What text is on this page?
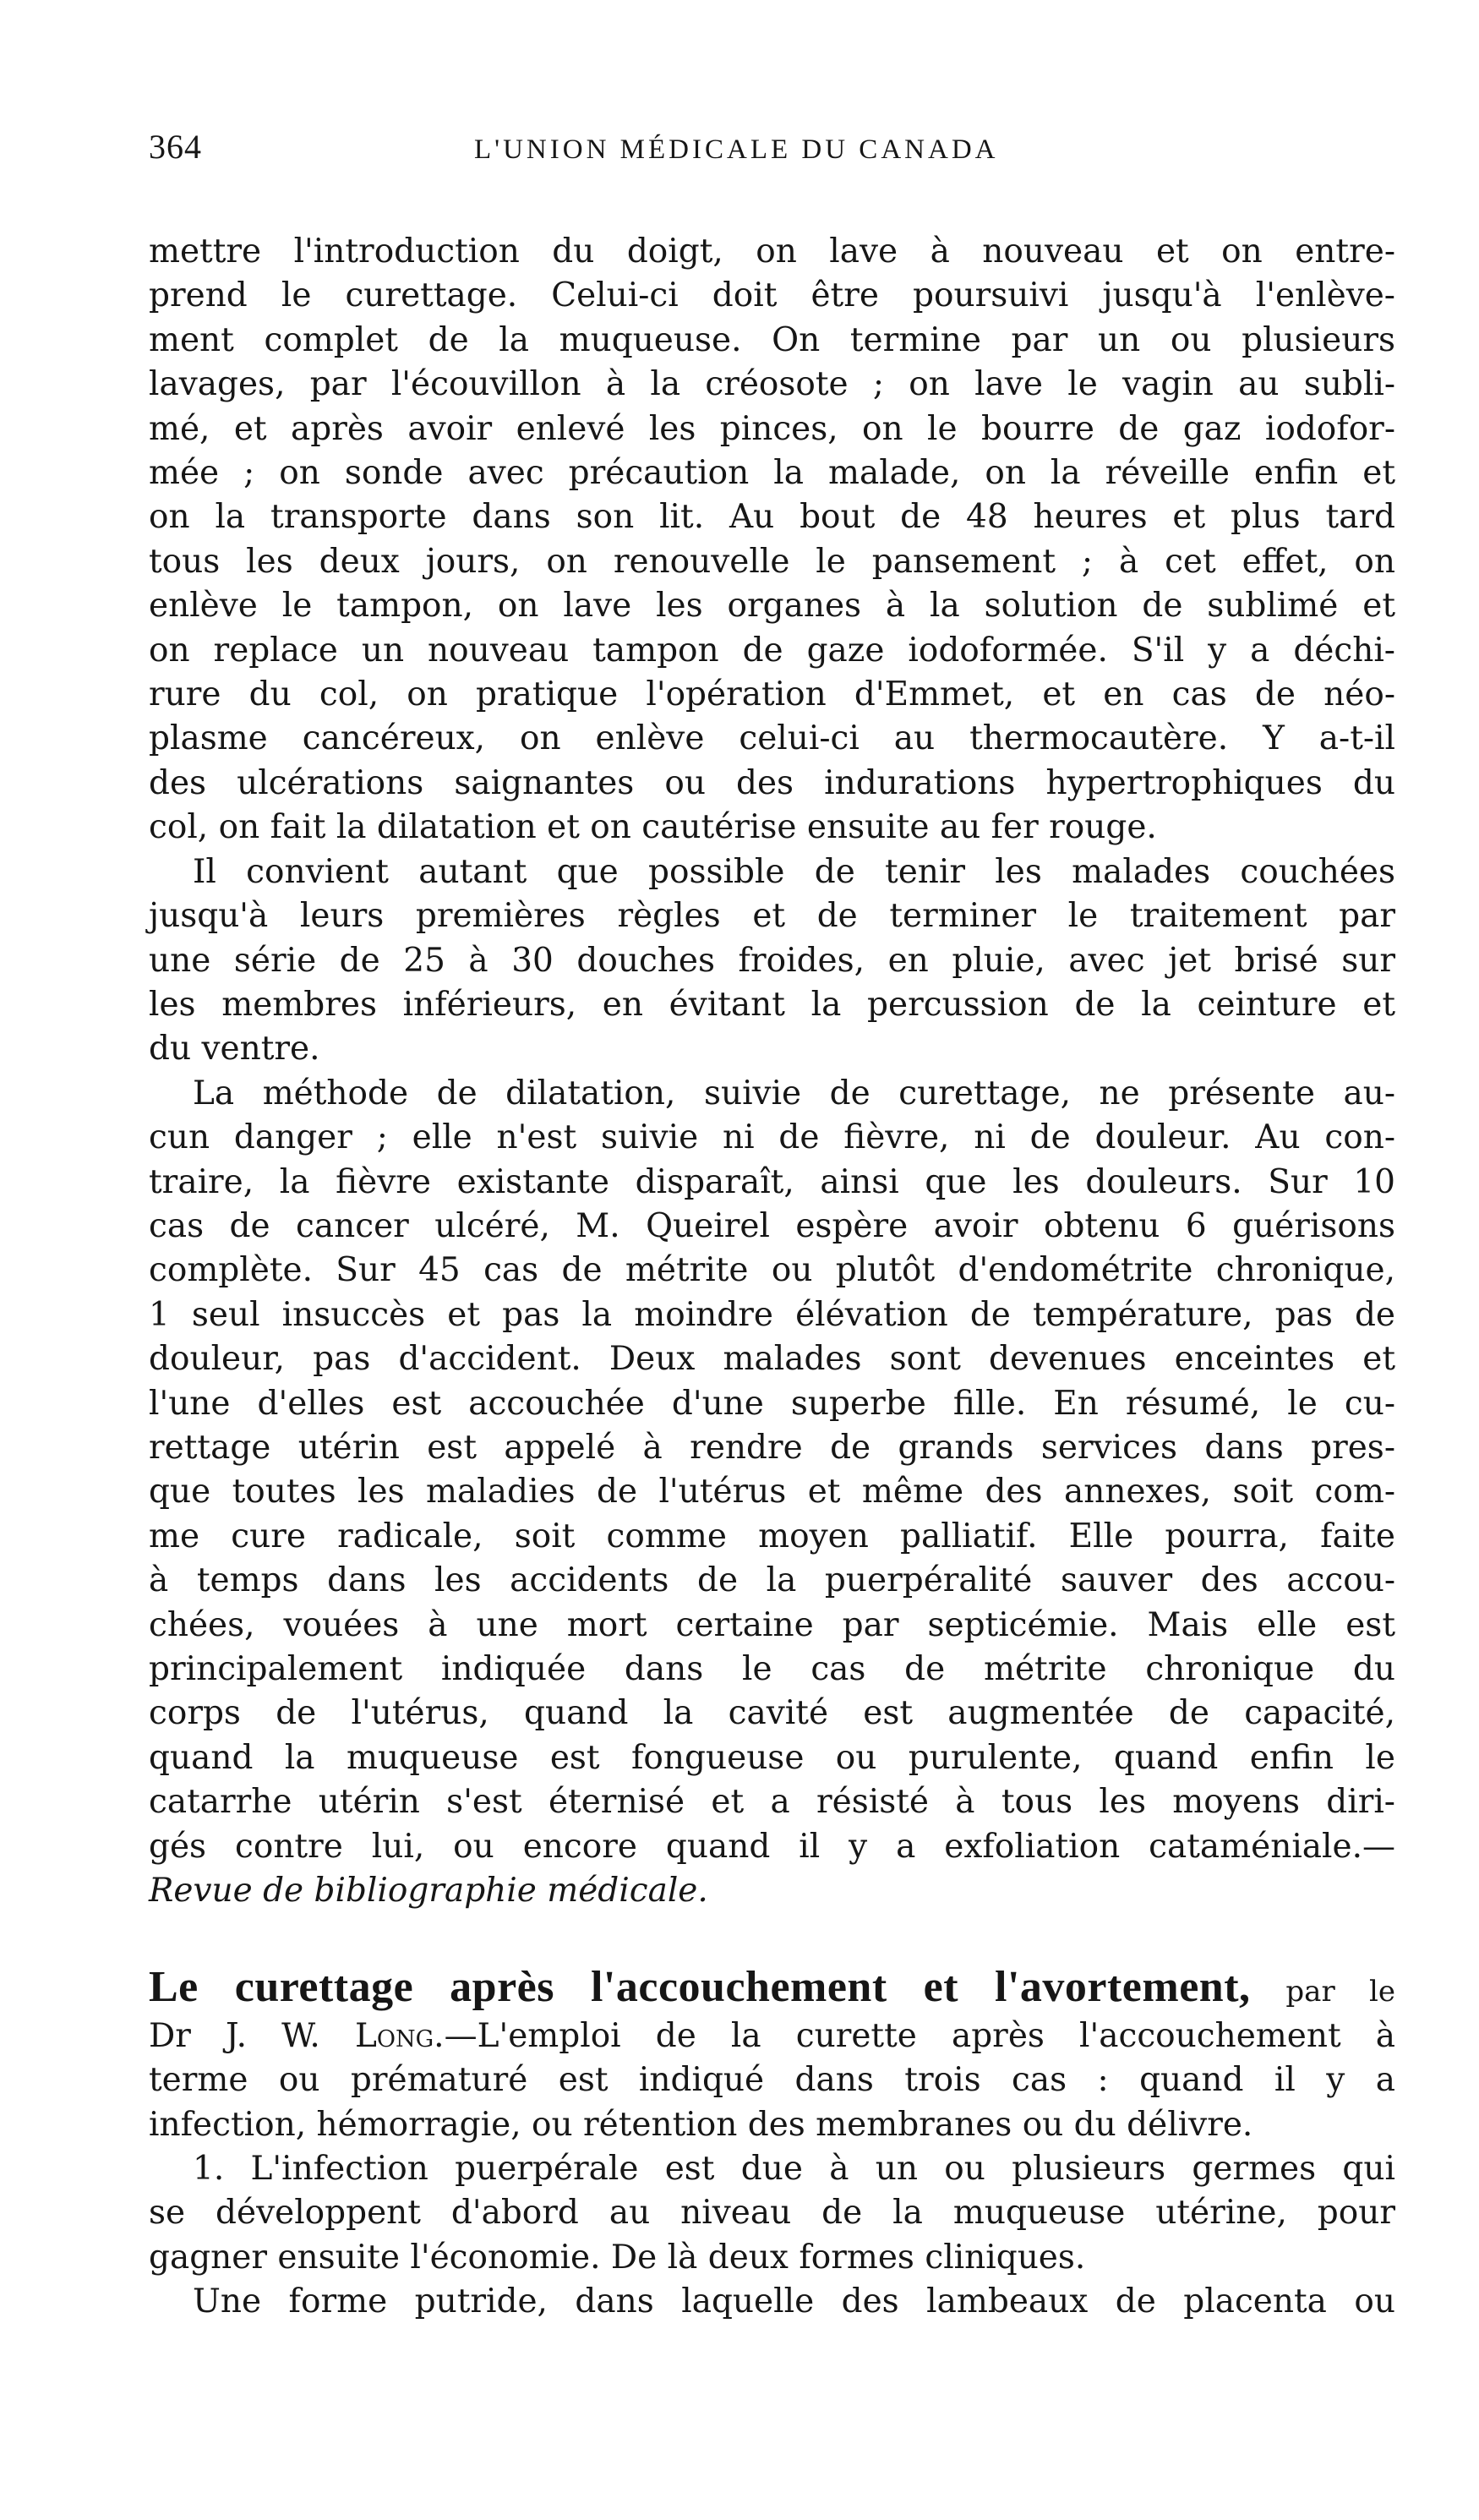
364	L'UNION MÉDICALE DU CANADA
mettre l'introduction du doigt, on lave à nouveau et on entre-
prend le curettage. Celui-ci doit être poursuivi jusqu'à l'enlève-
ment complet de la muqueuse. On termine par un ou plusieurs
lavages, par l'écouvillon à la créosote ; on lave le vagin au subli-
mé, et après avoir enlevé les pinces, on le bourre de gaz iodofor-
mée ; on sonde avec précaution la malade, on la réveille enfin et
on la transporte dans son lit. Au bout de 48 heures et plus tard
tous les deux jours, on renouvelle le pansement ; à cet effet, on
enlève le tampon, on lave les organes à la solution de sublimé et
on replace un nouveau tampon de gaze iodoformée. S'il y a déchi-
rure du col, on pratique l'opération d'Emmet, et en cas de néo-
plasme cancéreux, on enlève celui-ci au thermocautère. Y a-t-il
des ulcérations saignantes ou des indurations hypertrophiques du
col, on fait la dilatation et on cautérise ensuite au fer rouge.
Il convient autant que possible de tenir les malades couchées
jusqu'à leurs premières règles et de terminer le traitement par
une série de 25 à 30 douches froides, en pluie, avec jet brisé sur
les membres inférieurs, en évitant la percussion de la ceinture et
du ventre.
La méthode de dilatation, suivie de curettage, ne présente au-
cun danger ; elle n'est suivie ni de fièvre, ni de douleur. Au con-
traire, la fièvre existante disparaît, ainsi que les douleurs. Sur 10
cas de cancer ulcéré, M. Queirel espère avoir obtenu 6 guérisons
complète. Sur 45 cas de métrite ou plutôt d'endométrite chronique,
1 seul insuccès et pas la moindre élévation de température, pas de
douleur, pas d'accident. Deux malades sont devenues enceintes et
l'une d'elles est accouchée d'une superbe fille. En résumé, le cu-
rettage utérin est appelé à rendre de grands services dans pres-
que toutes les maladies de l'utérus et même des annexes, soit com-
me cure radicale, soit comme moyen palliatif. Elle pourra, faite
à temps dans les accidents de la puerpéralité sauver des accou-
chées, vouées à une mort certaine par septicémie. Mais elle est
principalement indiquée dans le cas de métrite chronique du
corps de l'utérus, quand la cavité est augmentée de capacité,
quand la muqueuse est fongueuse ou purulente, quand enfin le
catarrhe utérin s'est éternisé et a résisté à tous les moyens diri-
gés contre lui, ou encore quand il y a exfoliation cataméniale.—
Revue de bibliographie médicale.
Le curettage après l'accouchement et l'avortement, par le
Dr J. W. Long.—L'emploi de la curette après l'accouchement à
terme ou prématuré est indiqué dans trois cas : quand il y a
infection, hémorragie, ou rétention des membranes ou du délivre.
1. L'infection puerpérale est due à un ou plusieurs germes qui
se développent d'abord au niveau de la muqueuse utérine, pour
gagner ensuite l'économie. De là deux formes cliniques.
Une forme putride, dans laquelle des lambeaux de placenta ou
